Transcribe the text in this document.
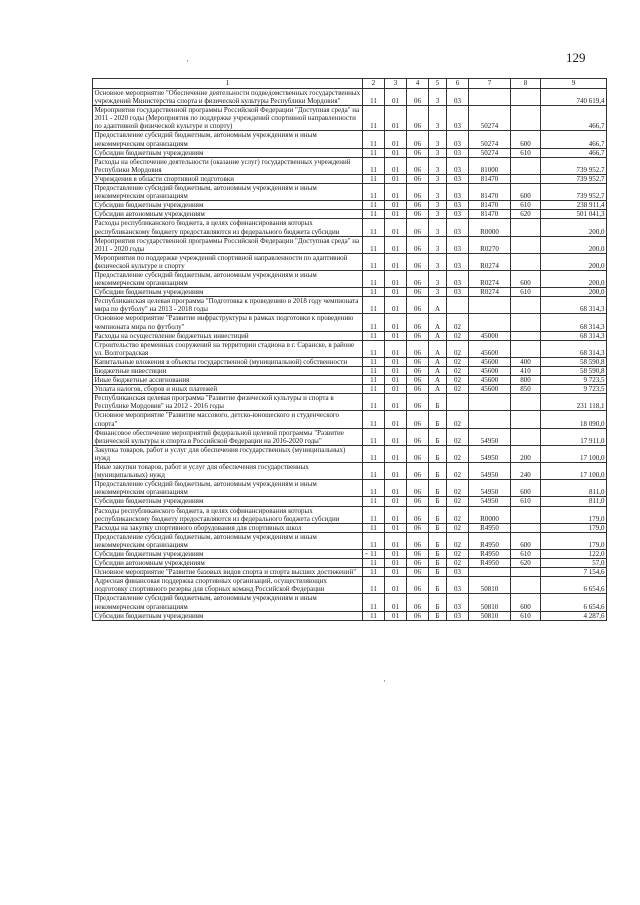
129
·
-
·
1	2	3	4	5	6	7	8	9
Основное мероприятие "Обеспечение деятельности подведомственных государственных учреждений Министерства спорта и физической культуры Республики Мордовия"	11	01	06	3	03			740 619,4
Мероприятия государственной программы Российской Федерации "Доступная среда" на 2011 - 2020 годы (Мероприятия по поддержке учреждений спортивной направленности по адаптивной физической культуре и спорту)	11	01	06	3	03	50274		466,7
Предоставление субсидий бюджетным, автономным учреждениям и иным некоммерческим организациям	11	01	06	3	03	50274	600	466,7
Субсидии бюджетным учреждениям	11	01	06	3	03	50274	610	466,7
Расходы на обеспечение деятельности (оказание услуг) государственных учреждений Республики Мордовия	11	01	06	3	03	81000		739 952,7
Учреждения в области спортивной подготовки	11	01	06	3	03	81470		739 952,7
Предоставление субсидий бюджетным, автономным учреждениям и иным некоммерческим организациям	11	01	06	3	03	81470	600	739 952,7
Субсидии бюджетным учреждениям	11	01	06	3	03	81470	610	238 911,4
Субсидии автономным учреждениям	11	01	06	3	03	81470	620	501 041,3
Расходы республиканского бюджета, в целях софинансирования которых республиканскому бюджету предоставляются из федерального бюджета субсидии	11	01	06	3	03	R0000		200,0
Мероприятия государственной программы Российской Федерации "Доступная среда" на 2011 - 2020 годы	11	01	06	3	03	R0270		200,0
Мероприятия по поддержке учреждений спортивной направленности по адаптивной физической культуре и спорту	11	01	06	3	03	R0274		200,0
Предоставление субсидий бюджетным, автономным учреждениям и иным некоммерческим организациям	11	01	06	3	03	R0274	600	200,0
Субсидии бюджетным учреждениям	11	01	06	3	03	R0274	610	200,0
Республиканская целевая программа "Подготовка к проведению в 2018 году чемпионата мира по футболу" на 2013 - 2018 годы	11	01	06	А				68 314,3
Основное мероприятие "Развитие инфраструктуры в рамках подготовки к проведению чемпионата мира по футболу"	11	01	06	А	02			68 314,3
Расходы на осуществление бюджетных инвестиций	11	01	06	А	02	45000		68 314,3
Строительство временных сооружений на территории стадиона в г. Саранске, в районе ул. Волгоградская	11	01	06	А	02	45600		68 314,3
Капитальные вложения в объекты государственной (муниципальной) собственности	11	01	06	А	02	45600	400	58 590,8
Бюджетные инвестиции	11	01	06	А	02	45600	410	58 590,8
Иные бюджетные ассигнования	11	01	06	А	02	45600	800	9 723,5
Уплата налогов, сборов и иных платежей	11	01	06	А	02	45600	850	9 723,5
Республиканская целевая программа "Развитие физической культуры и спорта в Республике Мордовия" на 2012 - 2016 годы	11	01	06	Б				231 118,1
Основное мероприятие "Развитие массового, детско-юношеского и студенческого спорта"	11	01	06	Б	02			18 090,0
Финансовое обеспечение мероприятий федеральной целевой программы "Развитие физической культуры и спорта в Российской Федерации на 2016-2020 годы"	11	01	06	Б	02	54950		17 911,0
Закупка товаров, работ и услуг для обеспечения государственных (муниципальных) нужд	11	01	06	Б	02	54950	200	17 100,0
Иные закупки товаров, работ и услуг для обеспечения государственных (муниципальных) нужд	11	01	06	Б	02	54950	240	17 100,0
Предоставление субсидий бюджетным, автономным учреждениям и иным некоммерческим организациям	11	01	06	Б	02	54950	600	811,0
Субсидии бюджетным учреждениям	11	01	06	Б	02	54950	610	811,0
Расходы республиканского бюджета, в целях софинансирования которых республиканскому бюджету предоставляются из федерального бюджета субсидии	11	01	06	Б	02	R0000		179,0
Расходы на закупку спортивного оборудования для спортивных школ	11	01	06	Б	02	R4950		179,0
Предоставление субсидий бюджетным, автономным учреждениям и иным некоммерческим организациям	11	01	06	Б	02	R4950	600	179,0
Субсидии бюджетным учреждениям	11	01	06	Б	02	R4950	610	122,0
Субсидии автономным учреждениям	11	01	06	Б	02	R4950	620	57,0
Основное мероприятие "Развитие базовых видов спорта и спорта высших достижений"	11	01	06	Б	03			7 154,6
Адресная финансовая поддержка спортивных организаций, осуществляющих подготовку спортивного резерва для сборных команд Российской Федерации	11	01	06	Б	03	50810		6 654,6
Предоставление субсидий бюджетным, автономным учреждениям и иным некоммерческим организациям	11	01	06	Б	03	50810	600	6 654,6
Субсидии бюджетным учреждениям	11	01	06	Б	03	50810	610	4 287,6
